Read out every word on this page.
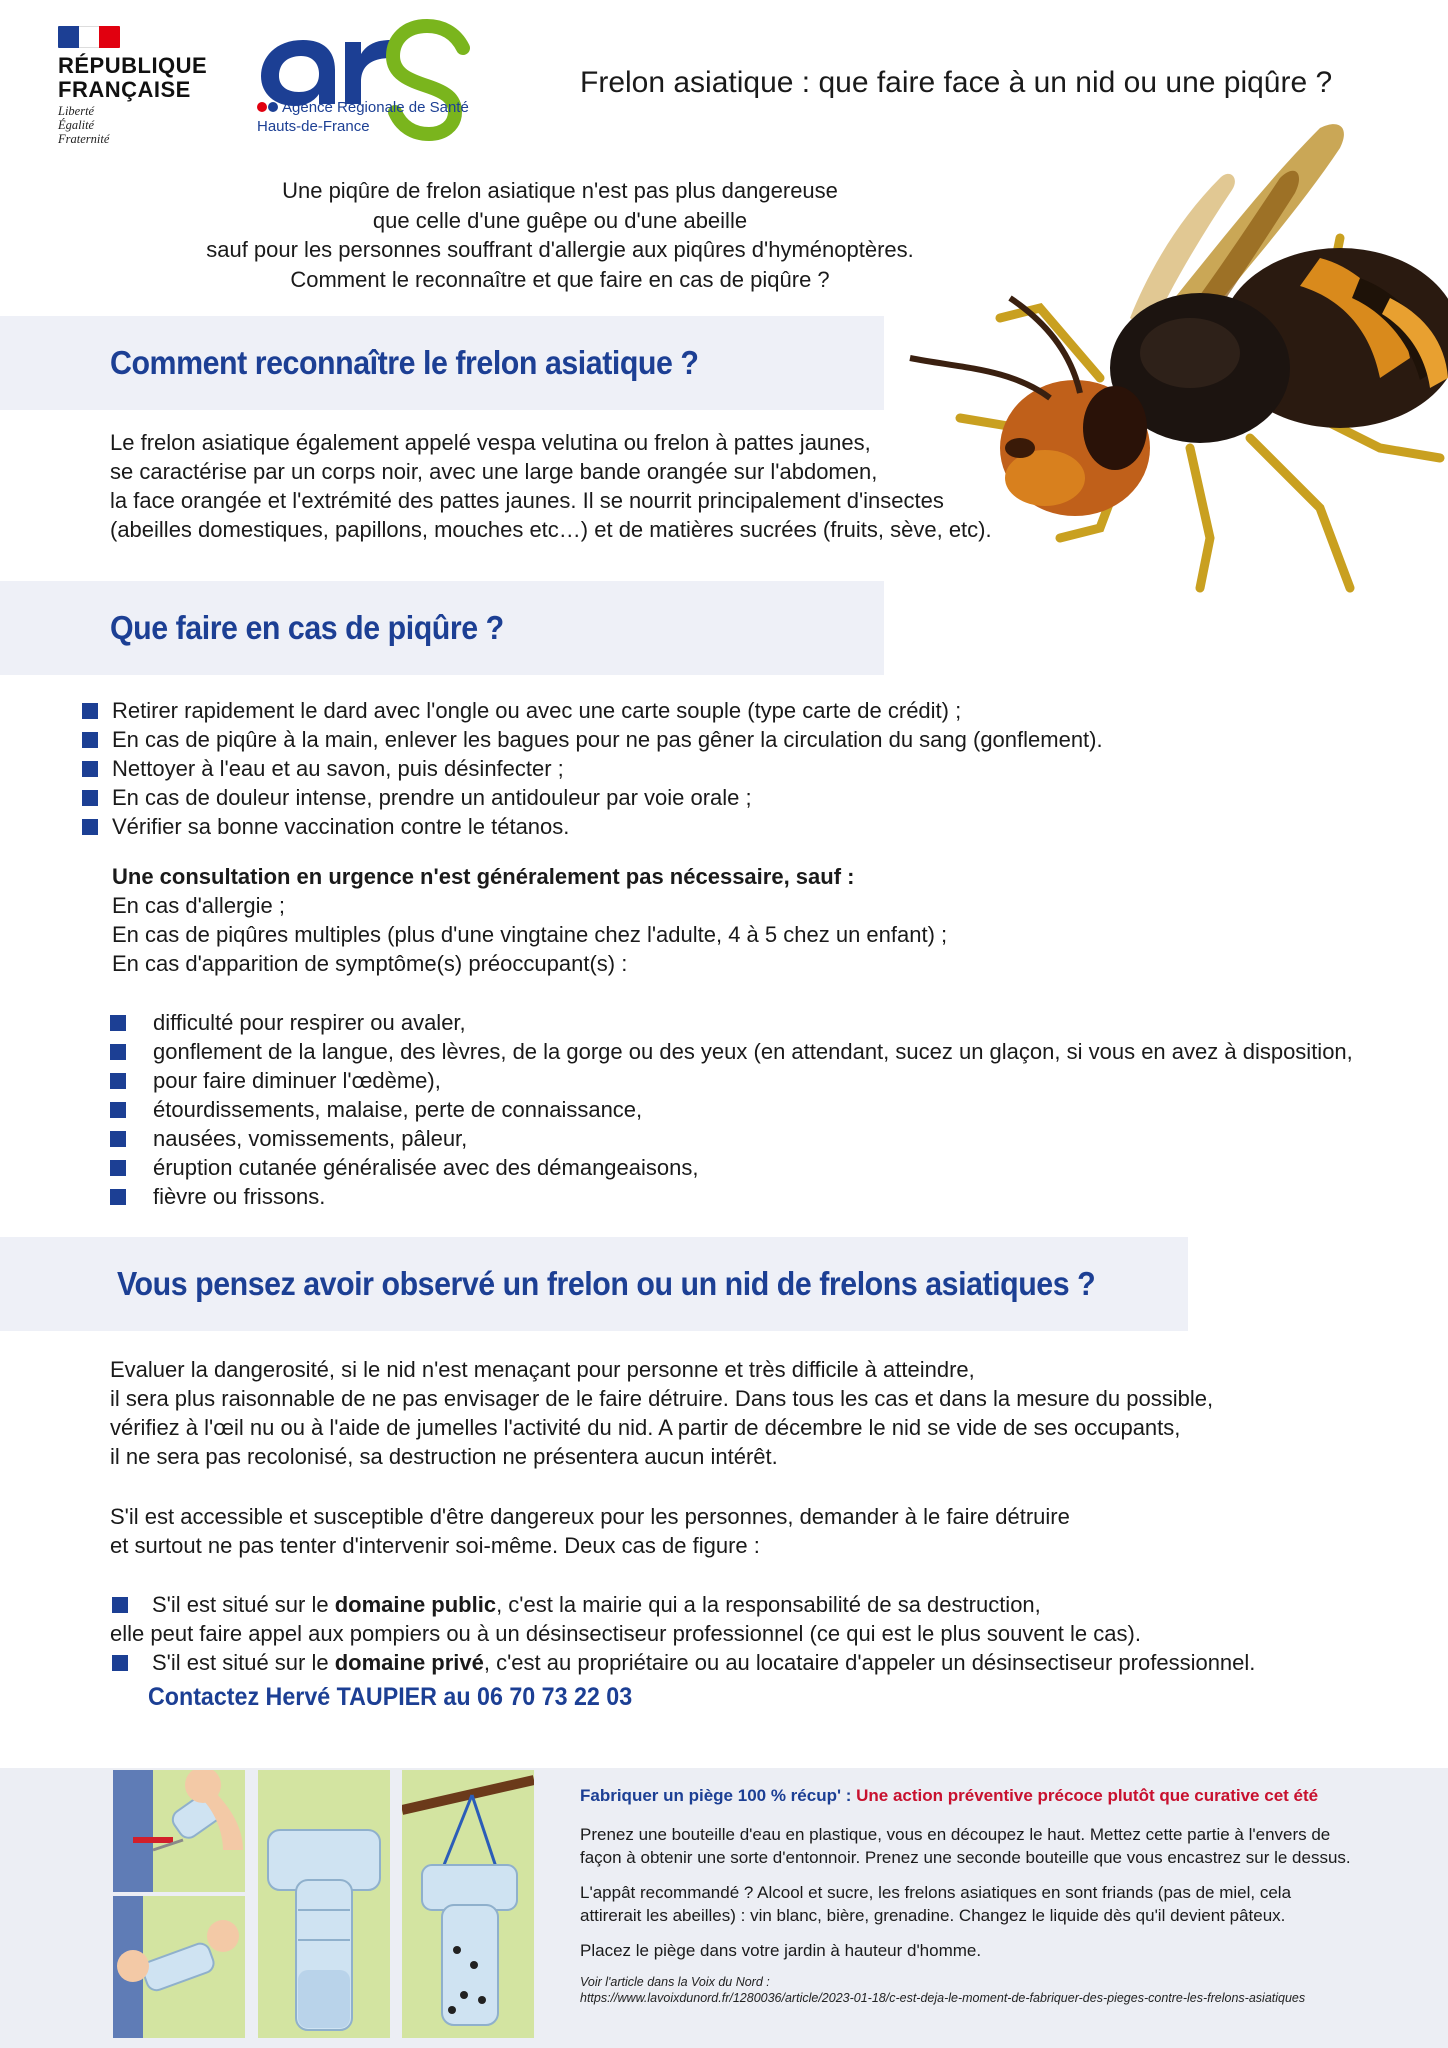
RÉPUBLIQUE
FRANÇAISE
Liberté
Égalité
Fraternité
Agence Régionale de Santé
Hauts-de-France
Frelon asiatique : que faire face à un nid ou une piqûre ?
Une piqûre de frelon asiatique n'est pas plus dangereuse
que celle d'une guêpe ou d'une abeille
sauf pour les personnes souffrant d'allergie aux piqûres d'hyménoptères.
Comment le reconnaître et que faire en cas de piqûre ?
Comment reconnaître le frelon asiatique ?

Le frelon asiatique également appelé vespa velutina ou frelon à pattes jaunes,

se caractérise par un corps noir, avec une large bande orangée sur l'abdomen,

la face orangée et l'extrémité des pattes jaunes. Il se nourrit principalement d'insectes

(abeilles domestiques, papillons, mouches etc…) et de matières sucrées (fruits, sève, etc).

Que faire en cas de piqûre ?
Retirer rapidement le dard avec l'ongle ou avec une carte souple (type carte de crédit) ;
En cas de piqûre à la main, enlever les bagues pour ne pas gêner la circulation du sang (gonflement).
Nettoyer à l'eau et au savon, puis désinfecter ;
En cas de douleur intense, prendre un antidouleur par voie orale ;
Vérifier sa bonne vaccination contre le tétanos.

Une consultation en urgence n'est généralement pas nécessaire, sauf :

En cas d'allergie ;

En cas de piqûres multiples (plus d'une vingtaine chez l'adulte, 4 à 5 chez un enfant) ;

En cas d'apparition de symptôme(s) préoccupant(s) :

difficulté pour respirer ou avaler,
gonflement de la langue, des lèvres, de la gorge ou des yeux (en attendant, sucez un glaçon, si vous en avez à disposition,
pour faire diminuer l'œdème),
étourdissements, malaise, perte de connaissance,
nausées, vomissements, pâleur,
éruption cutanée généralisée avec des démangeaisons,
fièvre ou frissons.
Vous pensez avoir observé un frelon ou un nid de frelons asiatiques ?

Evaluer la dangerosité, si le nid n'est menaçant pour personne et très difficile à atteindre,

il sera plus raisonnable de ne pas envisager de le faire détruire. Dans tous les cas et dans la mesure du possible,

vérifiez à l'œil nu ou à l'aide de jumelles l'activité du nid. A partir de décembre le nid se vide de ses occupants,

il ne sera pas recolonisé, sa destruction ne présentera aucun intérêt.

S'il est accessible et susceptible d'être dangereux pour les personnes, demander à le faire détruire

et surtout ne pas tenter d'intervenir soi-même. Deux cas de figure :

S'il est situé sur le domaine public, c'est la mairie qui a la responsabilité de sa destruction,

elle peut faire appel aux pompiers ou à un désinsectiseur professionnel (ce qui est le plus souvent le cas).

S'il est situé sur le domaine privé, c'est au propriétaire ou au locataire d'appeler un désinsectiseur professionnel.

Contactez Hervé TAUPIER au 06 70 73 22 03

Fabriquer un piège 100 % récup' : Une action préventive précoce plutôt que curative cet été

Prenez une bouteille d'eau en plastique, vous en découpez le haut. Mettez cette partie à l'envers de
façon à obtenir une sorte d'entonnoir. Prenez une seconde bouteille que vous encastrez sur le dessus.

L'appât recommandé ? Alcool et sucre, les frelons asiatiques en sont friands (pas de miel, cela
attirerait les abeilles) : vin blanc, bière, grenadine. Changez le liquide dès qu'il devient pâteux.

Placez le piège dans votre jardin à hauteur d'homme.

Voir l'article dans la Voix du Nord :
https://www.lavoixdunord.fr/1280036/article/2023-01-18/c-est-deja-le-moment-de-fabriquer-des-pieges-contre-les-frelons-asiatiques
